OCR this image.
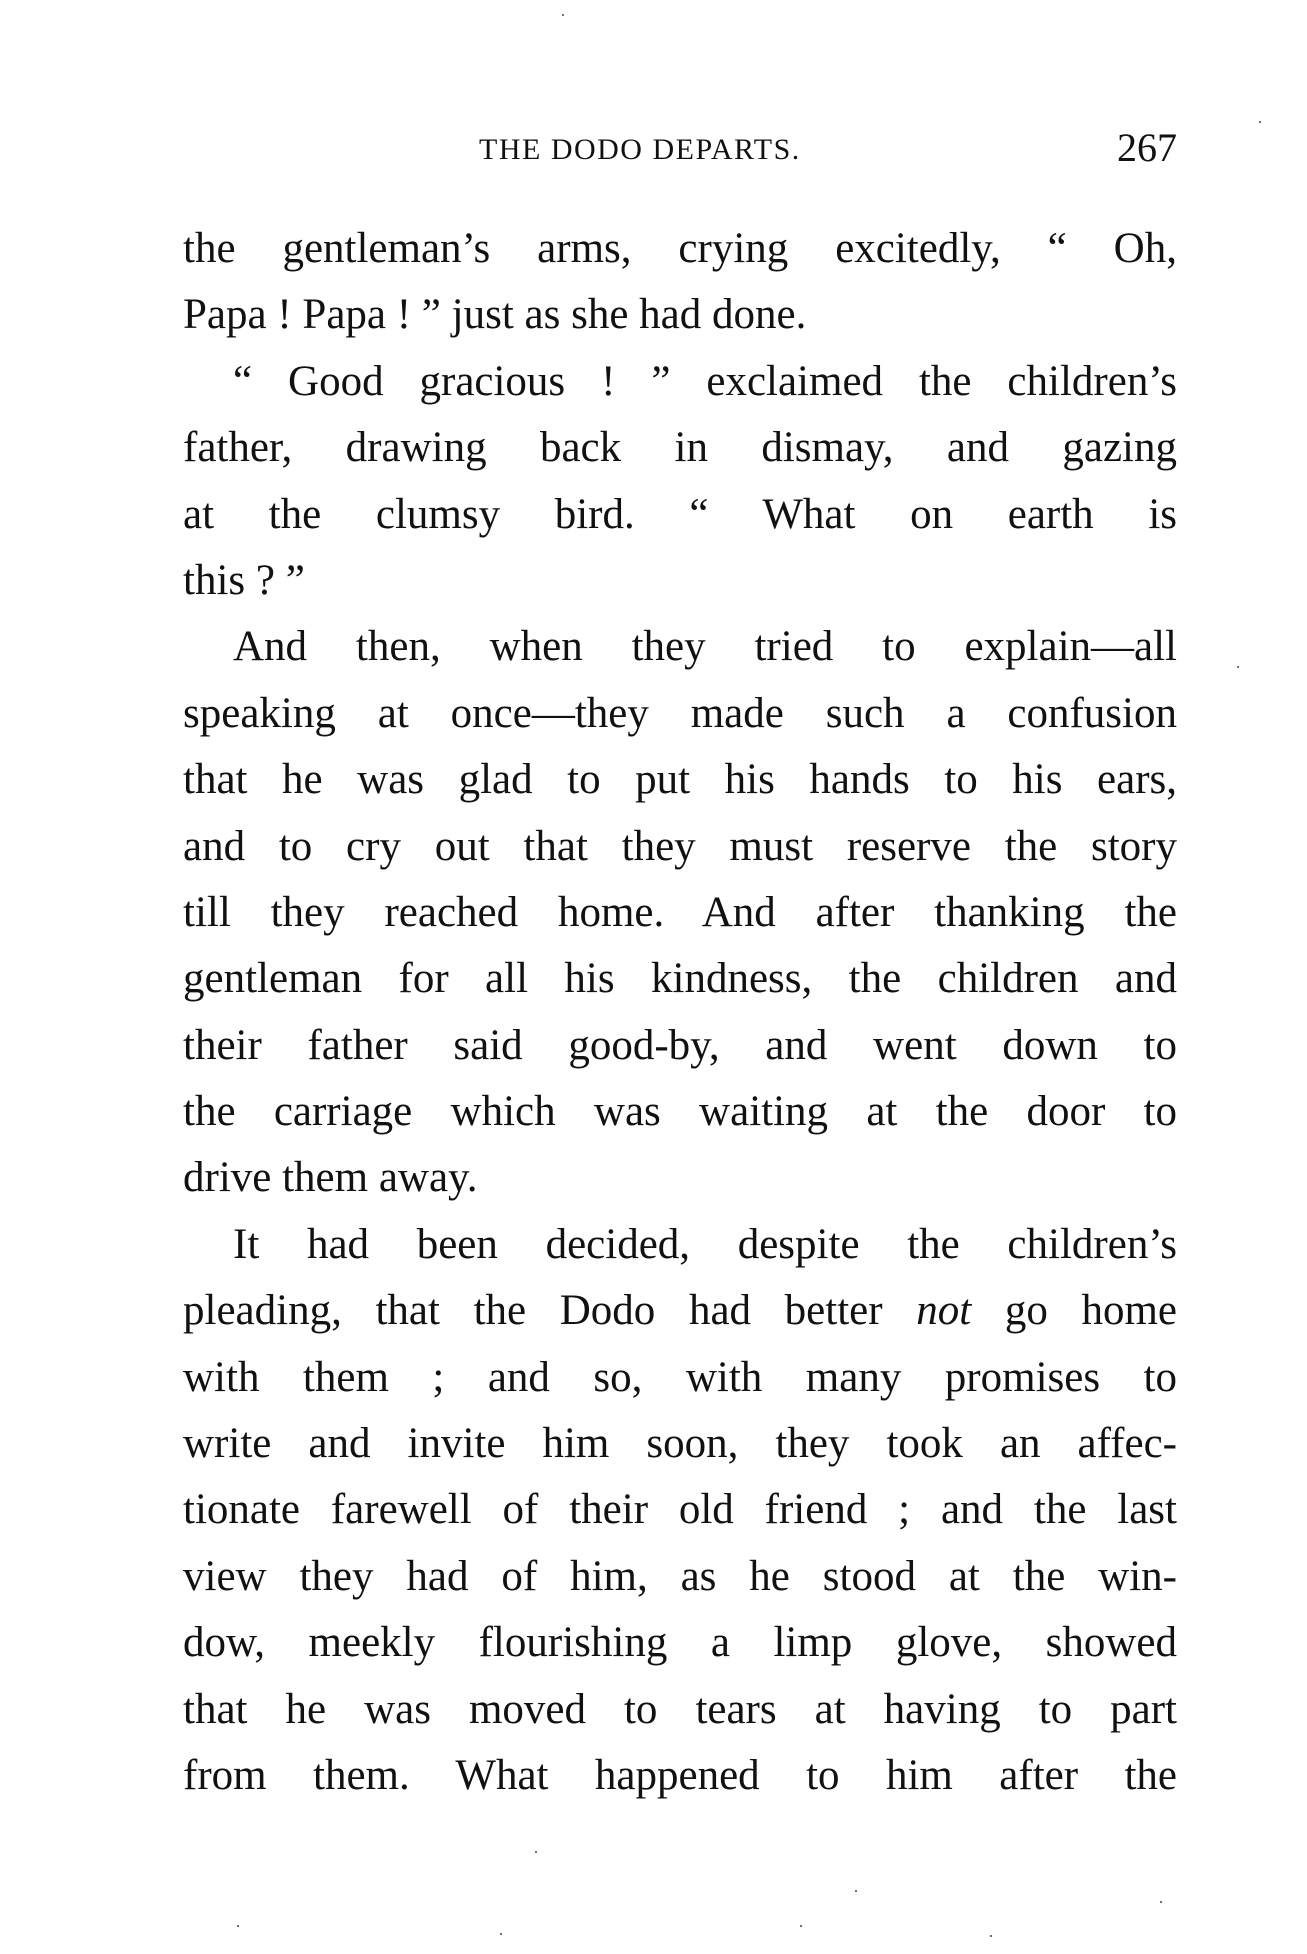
THE DODO DEPARTS.	267
the gentleman’s arms, crying excitedly, “ Oh,
Papa ! Papa ! ” just as she had done.
“ Good gracious ! ” exclaimed the children’s
father, drawing back in dismay, and gazing
at the clumsy bird. “ What on earth is
this ? ”
And then, when they tried to explain—all
speaking at once—they made such a confusion
that he was glad to put his hands to his ears,
and to cry out that they must reserve the story
till they reached home. And after thanking the
gentleman for all his kindness, the children and
their father said good-by, and went down to
the carriage which was waiting at the door to
drive them away.
It had been decided, despite the children’s
pleading, that the Dodo had better not go home
with them ; and so, with many promises to
write and invite him soon, they took an affec-
tionate farewell of their old friend ; and the last
view they had of him, as he stood at the win-
dow, meekly flourishing a limp glove, showed
that he was moved to tears at having to part
from them. What happened to him after the
